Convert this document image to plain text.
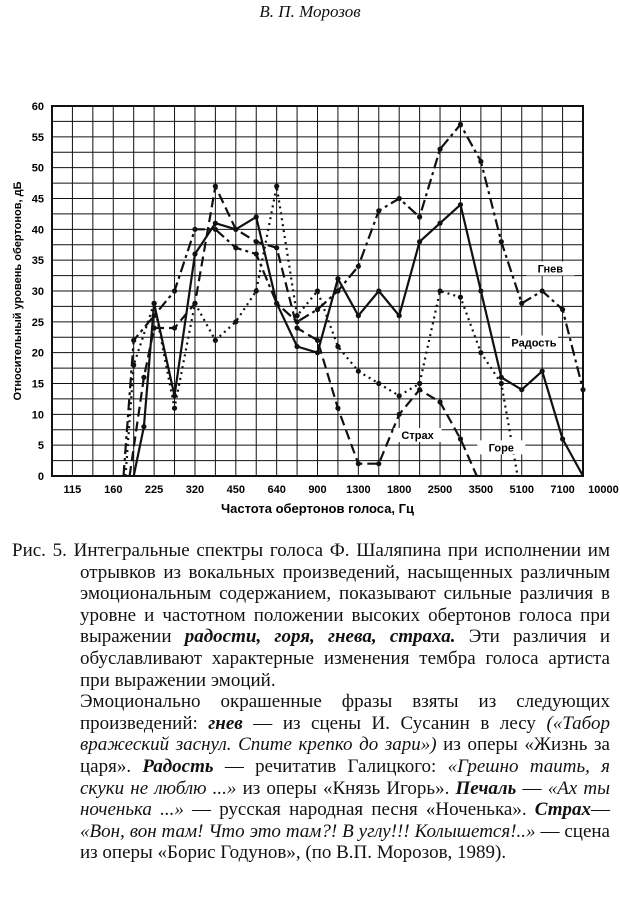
В. П. Морозов
0
5
10
15
20
25
30
35
40
45
50
55
60
115 160 225 320 450 640 900 1300 1800 2500 3500 5100 7100 10000
Гнев
Радость
Страх
Горе
Относительный уровень обертонов, дБ
Частота обертонов голоса, Гц

Рис. 5. Интегральные спектры голоса Ф. Шаляпина при исполнении им отрывков из вокальных произведений, насыщенных различным эмоциональным содержанием, показывают сильные различия в уровне и частотном положении высоких обертонов голоса при выражении радости, горя, гнева, страха. Эти различия и обуславливают характерные изменения тембра голоса артиста при выражении эмоций.

Эмоционально окрашенные фразы взяты из следующих произведений: гнев — из сцены И. Сусанин в лесу («Табор вражеский заснул. Спите крепко до зари») из оперы «Жизнь за царя». Радость — речитатив Галицкого: «Грешно таить, я скуки не люблю ...» из оперы «Князь Игорь». Печаль — «Ах ты ноченька ...» — русская народная песня «Ноченька». Страх— «Вон, вон там! Что это там?! В углу!!! Колышется!..» — сцена из оперы «Борис Годунов», (по В.П. Морозов, 1989).
